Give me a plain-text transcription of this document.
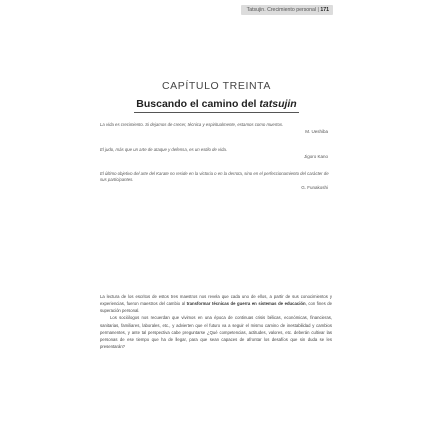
Tatsujin. Crecimiento personal | 171
CAPÍTULO TREINTA
Buscando el camino del tatsujin
La vida es crecimiento. Si dejamos de crecer, técnica y espiritualmente, estamos como muertos.
M. Ueshiba
El judo, más que un arte de ataque y defensa, es un estilo de vida.
Jigoro Kano
El último objetivo del arte del Karate no reside en la victoria o en la derrota, sino en el perfeccionamiento del carácter de sus participantes.
G. Funakoshi

La lectura de los escritos de estos tres maestros nos revela que cada uno de ellos, a partir de sus conocimientos y experiencias, fueron maestros del cambio al transformar técnicas de guerra en sistemas de educación, con fines de superación personal.

Los sociólogos nos recuerdan que vivimos en una época de continuas crisis bélicas, económicas, financieras, sanitarias, familiares, laborales, etc., y advierten que el futuro va a seguir el mismo camino de inestabilidad y cambios permanentes, y ante tal perspectiva cabe preguntarse ¿Qué competencias, actitudes, valores, etc. deberán cultivar las personas de ese tiempo que ha de llegar, para que sean capaces de afrontar los desafíos que sin duda se les presentarán?
